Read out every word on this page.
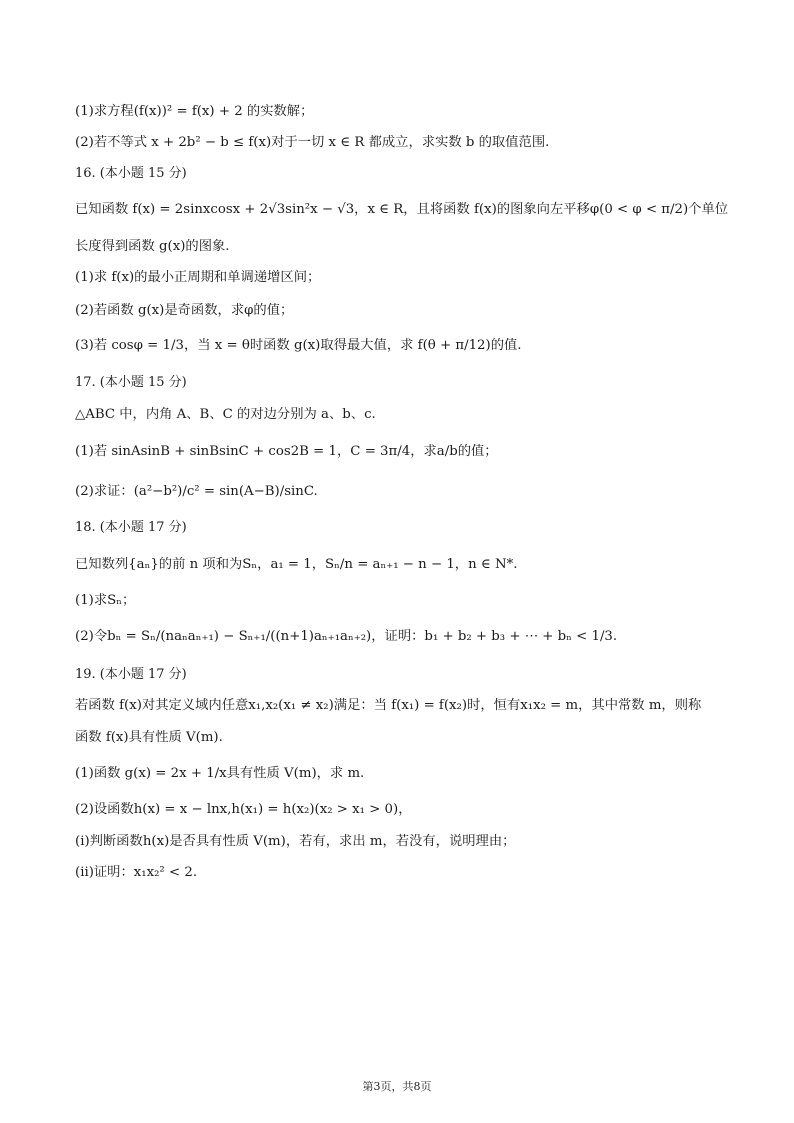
(1)求方程(f(x))² = f(x) + 2 的实数解；
(2)若不等式 x + 2b² − b ≤ f(x)对于一切 x ∈ R 都成立，求实数 b 的取值范围.
16. (本小题 15 分)
已知函数 f(x) = 2sinxcosx + 2√3sin²x − √3，x ∈ R，且将函数 f(x)的图象向左平移φ(0 < φ < π/2)个单位
长度得到函数 g(x)的图象.
(1)求 f(x)的最小正周期和单调递增区间；
(2)若函数 g(x)是奇函数，求φ的值；
(3)若 cosφ = 1/3，当 x = θ时函数 g(x)取得最大值，求 f(θ + π/12)的值.
17. (本小题 15 分)
△ABC 中，内角 A、B、C 的对边分别为 a、b、c.
(1)若 sinAsinB + sinBsinC + cos2B = 1，C = 3π/4，求a/b的值；
(2)求证：(a²−b²)/c² = sin(A−B)/sinC.
18. (本小题 17 分)
已知数列{aₙ}的前 n 项和为Sₙ，a₁ = 1，Sₙ/n = aₙ₊₁ − n − 1，n ∈ N*.
(1)求Sₙ；
(2)令bₙ = Sₙ/(naₙaₙ₊₁) − Sₙ₊₁/((n+1)aₙ₊₁aₙ₊₂)，证明：b₁ + b₂ + b₃ + ⋯ + bₙ < 1/3.
19. (本小题 17 分)
若函数 f(x)对其定义域内任意x₁,x₂(x₁ ≠ x₂)满足：当 f(x₁) = f(x₂)时，恒有x₁x₂ = m，其中常数 m，则称
函数 f(x)具有性质 V(m).
(1)函数 g(x) = 2x + 1/x具有性质 V(m)，求 m.
(2)设函数h(x) = x − lnx,h(x₁) = h(x₂)(x₂ > x₁ > 0)，
(ⅰ)判断函数h(x)是否具有性质 V(m)，若有，求出 m，若没有，说明理由；
(ⅱ)证明：x₁x₂² < 2.
第3页，共8页
